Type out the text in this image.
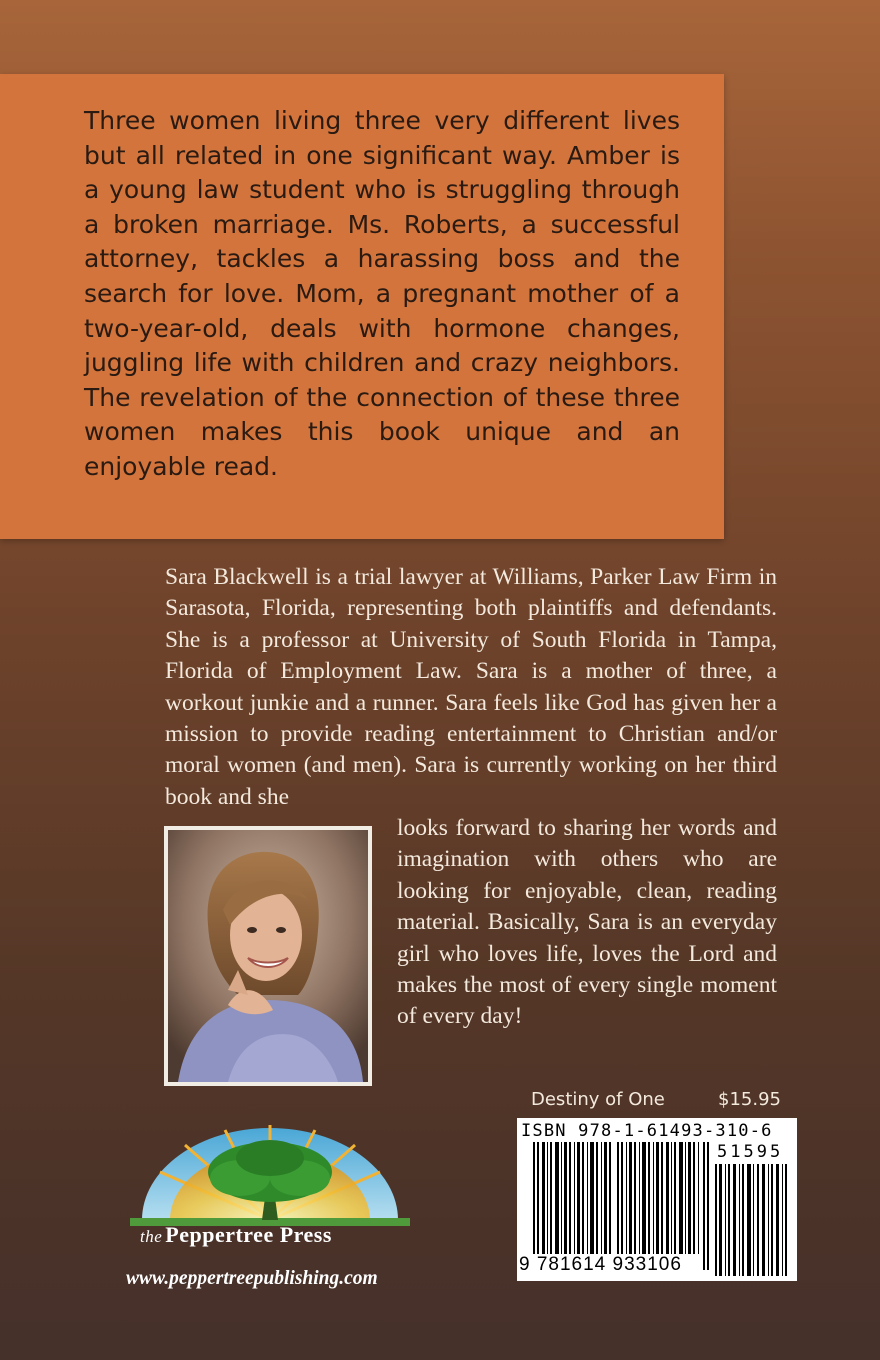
Three women living three very different lives but all related in one significant way. Amber is a young law student who is struggling through a broken marriage. Ms. Roberts, a successful attorney, tackles a harassing boss and the search for love. Mom, a pregnant mother of a two-year-old, deals with hormone changes, juggling life with children and crazy neighbors. The revelation of the connection of these three women makes this book unique and an enjoyable read.

Sara Blackwell is a trial lawyer at Williams, Parker Law Firm in Sarasota, Florida, representing both plaintiffs and defendants. She is a professor at University of South Florida in Tampa, Florida of Employment Law. Sara is a mother of three, a workout junkie and a runner. Sara feels like God has given her a mission to provide reading entertainment to Christian and/or moral women (and men). Sara is currently working on her third book and she

looks forward to sharing her words and imagination with others who are looking for enjoyable, clean, reading material. Basically, Sara is an everyday girl who loves life, loves the Lord and makes the most of every single moment of every day!

Destiny of One	$15.95
ISBN 978-1-61493-310-6
9 781614 933106
51595
the Peppertree Press
www.peppertreepublishing.com
